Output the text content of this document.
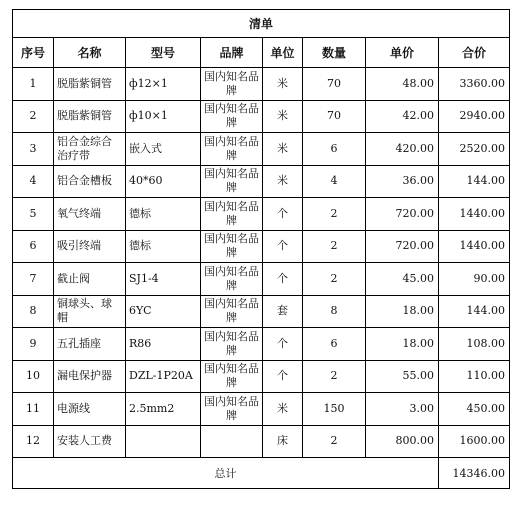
清单							
序号	名称	型号	品牌	单位	数量	单价	合价
1	脱脂紫铜管	ф12×1	国内知名品牌	米	70	48.00	3360.00
2	脱脂紫铜管	ф10×1	国内知名品牌	米	70	42.00	2940.00
3	铝合金综合治疗带	嵌入式	国内知名品牌	米	6	420.00	2520.00
4	铝合金槽板	40*60	国内知名品牌	米	4	36.00	144.00
5	氧气终端	德标	国内知名品牌	个	2	720.00	1440.00
6	吸引终端	德标	国内知名品牌	个	2	720.00	1440.00
7	截止阀	SJ1-4	国内知名品牌	个	2	45.00	90.00
8	铜球头、球帽	6YC	国内知名品牌	套	8	18.00	144.00
9	五孔插座	R86	国内知名品牌	个	6	18.00	108.00
10	漏电保护器	DZL-1P20A	国内知名品牌	个	2	55.00	110.00
11	电源线	2.5mm2	国内知名品牌	米	150	3.00	450.00
12	安装人工费			床	2	800.00	1600.00
总计							14346.00
